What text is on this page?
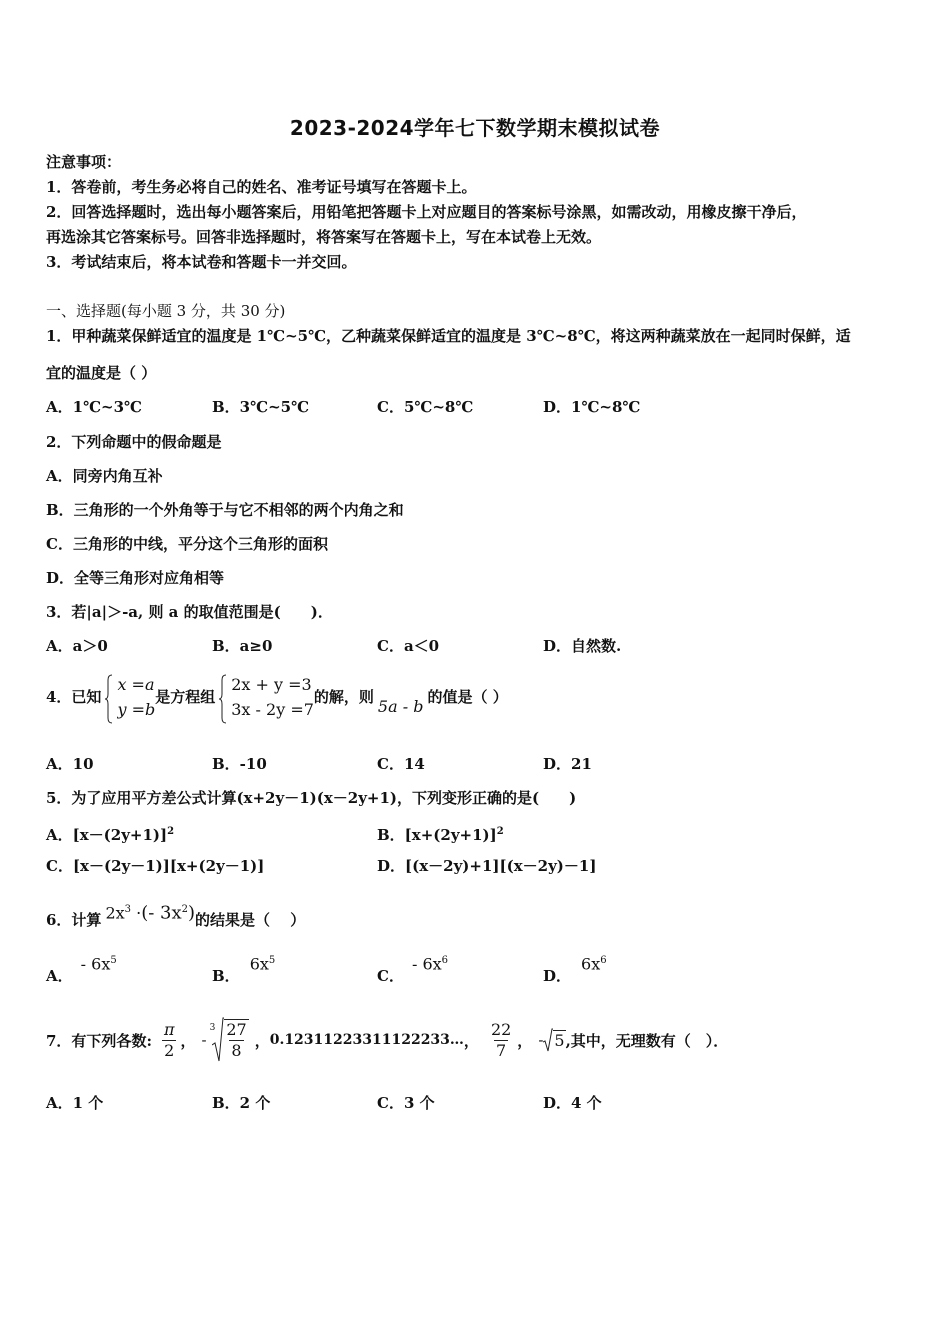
2023-2024学年七下数学期末模拟试卷
注意事项：
1．答卷前，考生务必将自己的姓名、准考证号填写在答题卡上。
2．回答选择题时，选出每小题答案后，用铅笔把答题卡上对应题目的答案标号涂黑，如需改动，用橡皮擦干净后，
再选涂其它答案标号。回答非选择题时，将答案写在答题卡上，写在本试卷上无效。
3．考试结束后，将本试卷和答题卡一并交回。
一、选择题(每小题 3 分，共 30 分)
1．甲种蔬菜保鲜适宜的温度是 1℃~5℃，乙种蔬菜保鲜适宜的温度是 3℃~8℃，将这两种蔬菜放在一起同时保鲜，适
宜的温度是（ ）
A．1℃~3℃	B．3℃~5℃	C．5℃~8℃	D．1℃~8℃
2．下列命题中的假命题是
A．同旁内角互补
B．三角形的一个外角等于与它不相邻的两个内角之和
C．三角形的中线，平分这个三角形的面积
D．全等三角形对应角相等
3．若|a|＞-a, 则 a 的取值范围是(　　)．
A．a＞0	B．a≥0	C．a＜0	D．自然数.
4．已知
x =a
y =b
是方程组
2x + y =3
3x - 2y =7
的解，则 5a - b 的值是（ ）
A．10	B．-10	C．14	D．21
5．为了应用平方差公式计算(x+2y－1)(x－2y+1)，下列变形正确的是(　　)
A．$[x-(2y+1)]^2$	B．$[x+(2y+1)]^2$
C．[x－(2y－1)][x+(2y－1)]	D．[(x－2y)+1][(x－2y)－1]
6．计算 $2x^3$ ·(- $3x^2$) 的结果是（　 ）
A．
- $6x^5$
B．
$6x^5$
C．
- $6x^6$
D．
$6x^6$
7．有下列各数: $\frac{\pi}{2}$ ， -
$3 \frac{27}{8}$ ， 0.12311223311122233… ， $\frac{22}{7}$ ， - 5 ,其中，无理数有（　）．
A．1 个	B．2 个	C．3 个	D．4 个
